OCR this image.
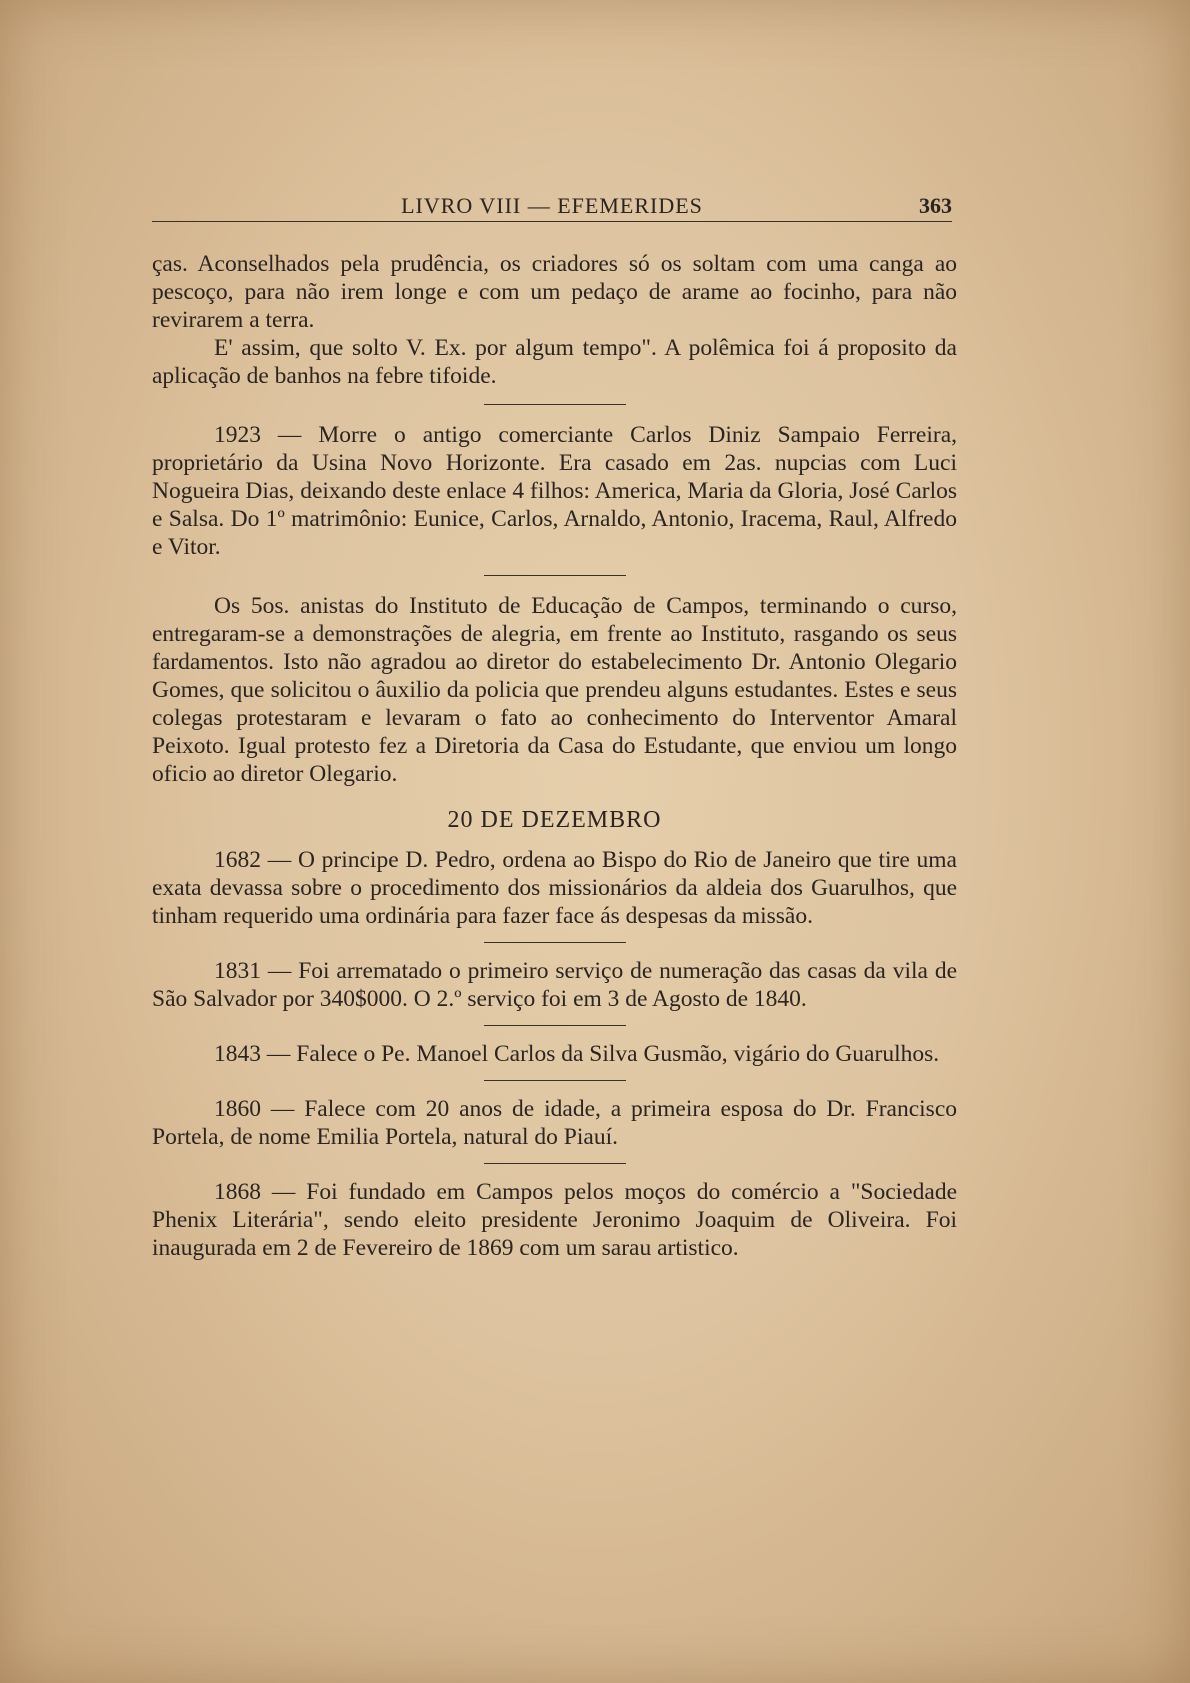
LIVRO VIII — EFEMERIDES	363

ças. Aconselhados pela prudência, os criadores só os soltam com uma canga ao pescoço, para não irem longe e com um pedaço de arame ao focinho, para não revirarem a terra.

E' assim, que solto V. Ex. por algum tempo". A polêmica foi á proposito da aplicação de banhos na febre tifoide.

1923 — Morre o antigo comerciante Carlos Diniz Sampaio Ferreira, proprietário da Usina Novo Horizonte. Era casado em 2as. nupcias com Luci Nogueira Dias, deixando deste enlace 4 filhos: America, Maria da Gloria, José Carlos e Salsa. Do 1º matrimônio: Eunice, Carlos, Arnaldo, Antonio, Iracema, Raul, Alfredo e Vitor.

Os 5os. anistas do Instituto de Educação de Campos, terminando o curso, entregaram-se a demonstrações de alegria, em frente ao Instituto, rasgando os seus fardamentos. Isto não agradou ao diretor do estabelecimento Dr. Antonio Olegario Gomes, que solicitou o âuxilio da policia que prendeu alguns estudantes. Estes e seus colegas protestaram e levaram o fato ao conhecimento do Interventor Amaral Peixoto. Igual protesto fez a Diretoria da Casa do Estudante, que enviou um longo oficio ao diretor Olegario.

20 DE DEZEMBRO

1682 — O principe D. Pedro, ordena ao Bispo do Rio de Janeiro que tire uma exata devassa sobre o procedimento dos missionários da aldeia dos Guarulhos, que tinham requerido uma ordinária para fazer face ás despesas da missão.

1831 — Foi arrematado o primeiro serviço de numeração das casas da vila de São Salvador por 340$000. O 2.º serviço foi em 3 de Agosto de 1840.

1843 — Falece o Pe. Manoel Carlos da Silva Gusmão, vigário do Guarulhos.

1860 — Falece com 20 anos de idade, a primeira esposa do Dr. Francisco Portela, de nome Emilia Portela, natural do Piauí.

1868 — Foi fundado em Campos pelos moços do comércio a "Sociedade Phenix Literária", sendo eleito presidente Jeronimo Joaquim de Oliveira. Foi inaugurada em 2 de Fevereiro de 1869 com um sarau artistico.
